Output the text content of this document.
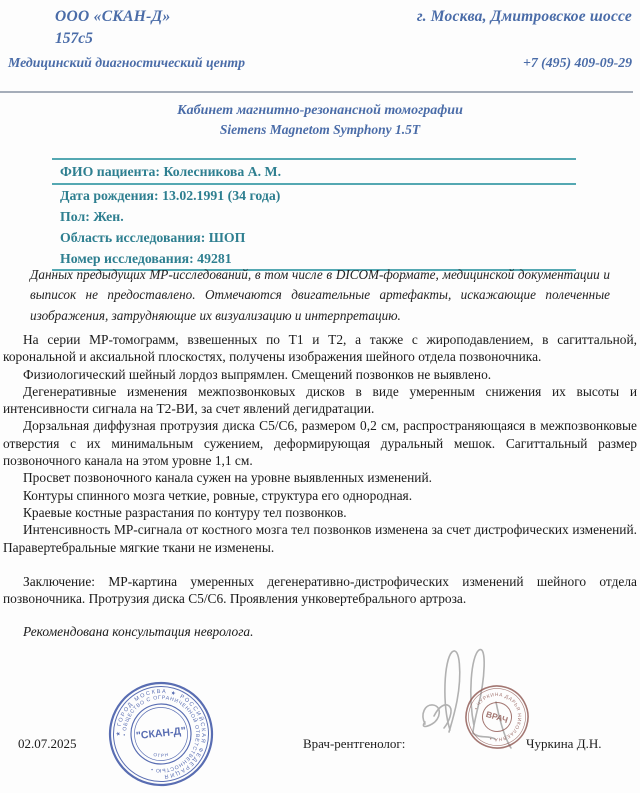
ООО «СКАН-Д»	г. Москва, Дмитровское шоссе
157с5
Медицинский диагностический центр	+7 (495) 409-09-29
Кабинет магнитно-резонансной томографии
Siemens Magnetom Symphony 1.5T
ФИО пациента: Колесникова А. М.
Дата рождения: 13.02.1991 (34 года)
Пол: Жен.
Область исследования: ШОП
Номер исследования: 49281
Данных предыдущих МР-исследований, в том числе в DICOM-формате, медицинской документации и выписок не предоставлено. Отмечаются двигательные артефакты, искажающие полеченные изображения, затрудняющие их визуализацию и интерпретацию.

На серии МР-томограмм, взвешенных по Т1 и Т2, а также с жироподавлением, в сагиттальной, корональной и аксиальной плоскостях, получены изображения шейного отдела позвоночника.

Физиологический шейный лордоз выпрямлен. Смещений позвонков не выявлено.

Дегенеративные изменения межпозвонковых дисков в виде умеренным снижения их высоты и интенсивности сигнала на Т2-ВИ, за счет явлений дегидратации.

Дорзальная диффузная протрузия диска С5/С6, размером 0,2 см, распространяющаяся в межпозвонковые отверстия с их минимальным сужением, деформирующая дуральный мешок. Сагиттальный размер позвоночного канала на этом уровне 1,1 см.

Просвет позвоночного канала сужен на уровне выявленных изменений.

Контуры спинного мозга четкие, ровные, структура его однородная.

Краевые костные разрастания по контуру тел позвонков.

Интенсивность МР-сигнала от костного мозга тел позвонков изменена за счет дистрофических изменений. Паравертебральные мягкие ткани не изменены.

Заключение: МР-картина умеренных дегенеративно-дистрофических изменений шейного отдела позвоночника. Протрузия диска С5/С6. Проявления унковертебрального артроза.

Рекомендована консультация невролога.

02.07.2025	Врач-рентгенолог:	Чуркина Д.Н.
★ ГОРОД МОСКВА ★ РОССИЙСКАЯ ФЕДЕРАЦИЯ
• ОБЩЕСТВО С ОГРАНИЧЕННОЙ ОТВЕТСТВЕННОСТЬЮ •
ОГРН
"СКАН-Д"
• ЧУРКИНА ДАРЬЯ НИКОЛАЕВНА •
ВРАЧ
